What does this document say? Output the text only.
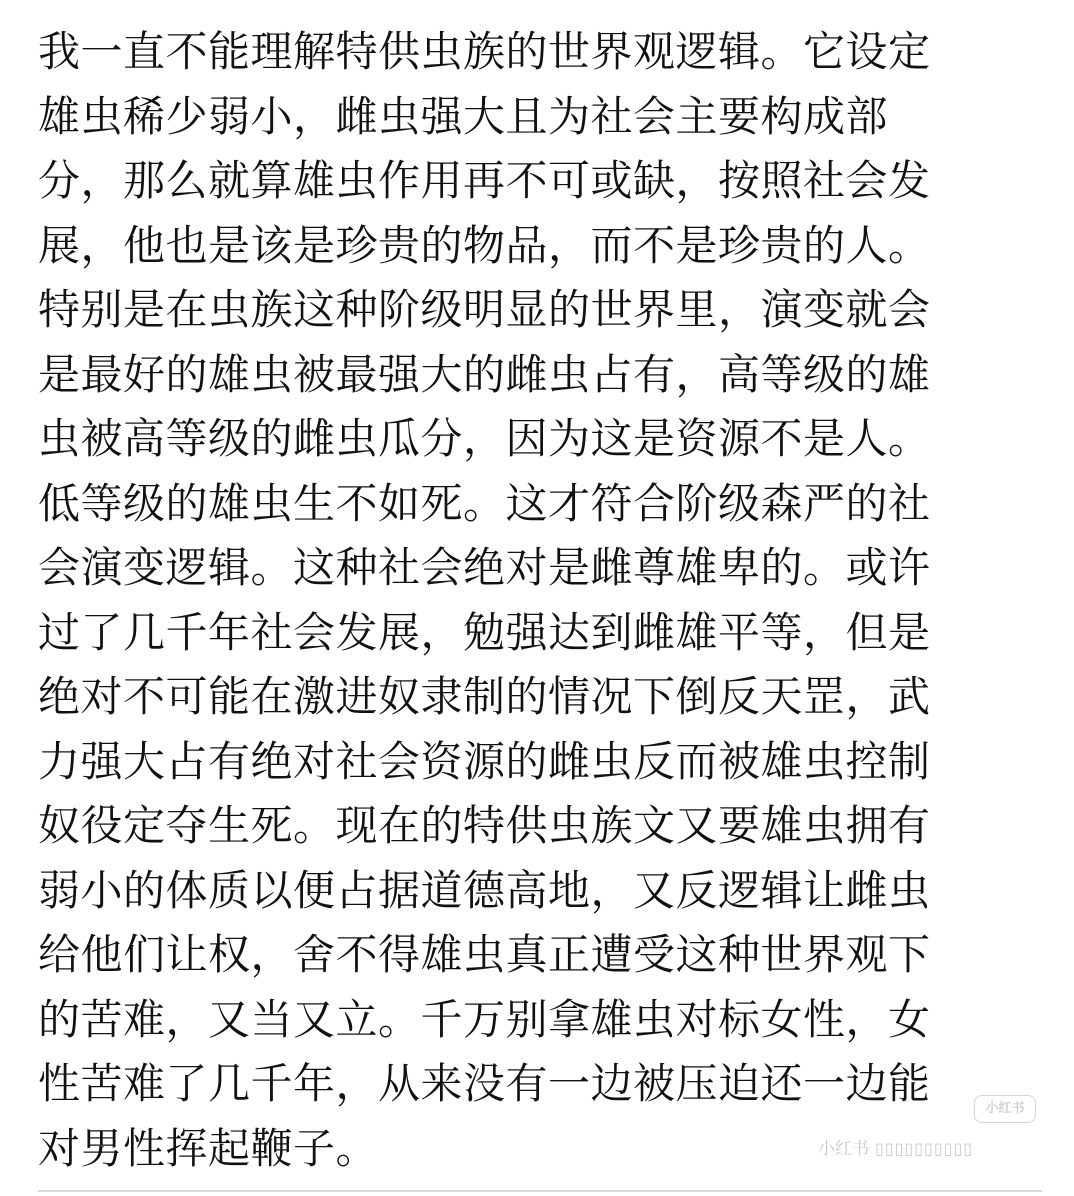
我一直不能理解特供虫族的世界观逻辑。它设定
雄虫稀少弱小，雌虫强大且为社会主要构成部
分，那么就算雄虫作用再不可或缺，按照社会发
展，他也是该是珍贵的物品，而不是珍贵的人。
特别是在虫族这种阶级明显的世界里，演变就会
是最好的雄虫被最强大的雌虫占有，高等级的雄
虫被高等级的雌虫瓜分，因为这是资源不是人。
低等级的雄虫生不如死。这才符合阶级森严的社
会演变逻辑。这种社会绝对是雌尊雄卑的。或许
过了几千年社会发展，勉强达到雌雄平等，但是
绝对不可能在激进奴隶制的情况下倒反天罡，武
力强大占有绝对社会资源的雌虫反而被雄虫控制
奴役定夺生死。现在的特供虫族文又要雄虫拥有
弱小的体质以便占据道德高地，又反逻辑让雌虫
给他们让权，舍不得雄虫真正遭受这种世界观下
的苦难，又当又立。千万别拿雄虫对标女性，女
性苦难了几千年，从来没有一边被压迫还一边能
对男性挥起鞭子。
小红书
小红书 ▯▯▯▯▯▯▯▯▯▯
